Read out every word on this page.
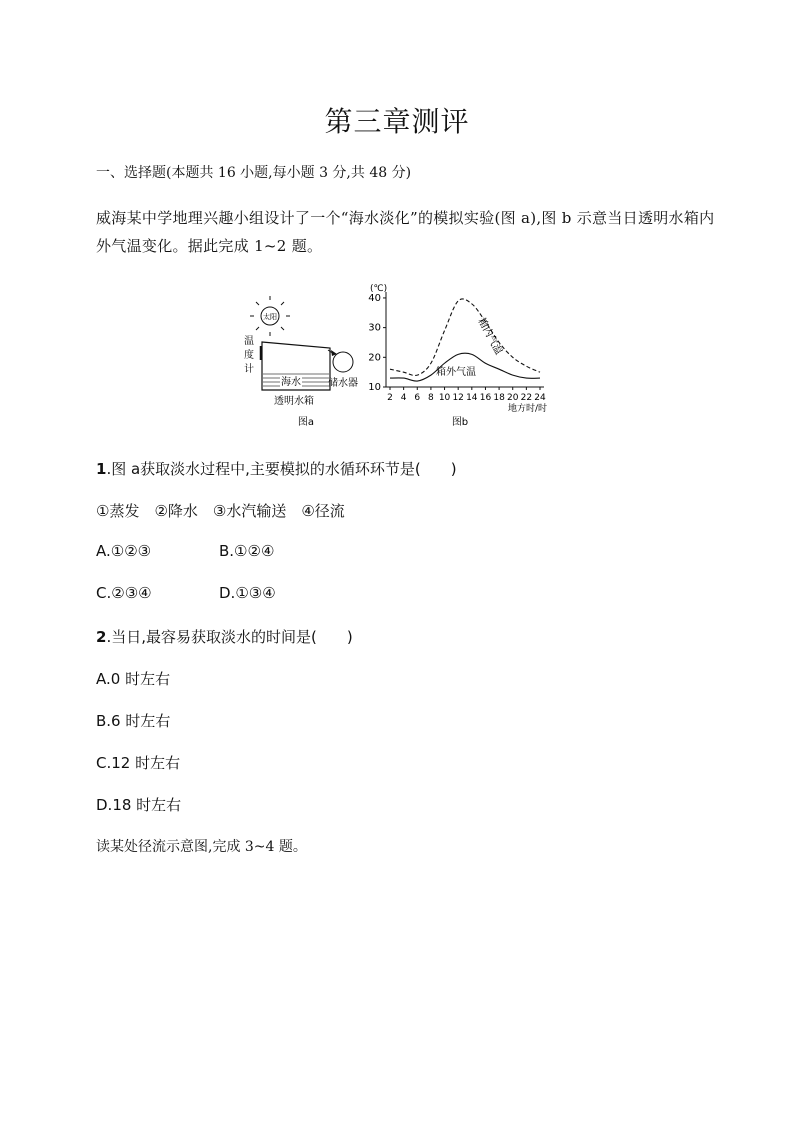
第三章测评
一、选择题(本题共 16 小题,每小题 3 分,共 48 分)
威海某中学地理兴趣小组设计了一个“海水淡化”的模拟实验(图 a),图 b 示意当日透明水箱内外气温变化。据此完成 1~2 题。
太阳
温
度
计
海水	储水器
透明水箱
图a
(℃)
10
20
30
40
2 4 6 8 10 12 14 16 18 20 22 24
箱内气温
箱外气温
地方时/时
图b
1.图 a获取淡水过程中,主要模拟的水循环环节是(　　)
①蒸发　②降水　③水汽输送　④径流
A.①②③	B.①②④
C.②③④	D.①③④
2.当日,最容易获取淡水的时间是(　　)
A.0 时左右
B.6 时左右
C.12 时左右
D.18 时左右
读某处径流示意图,完成 3~4 题。
